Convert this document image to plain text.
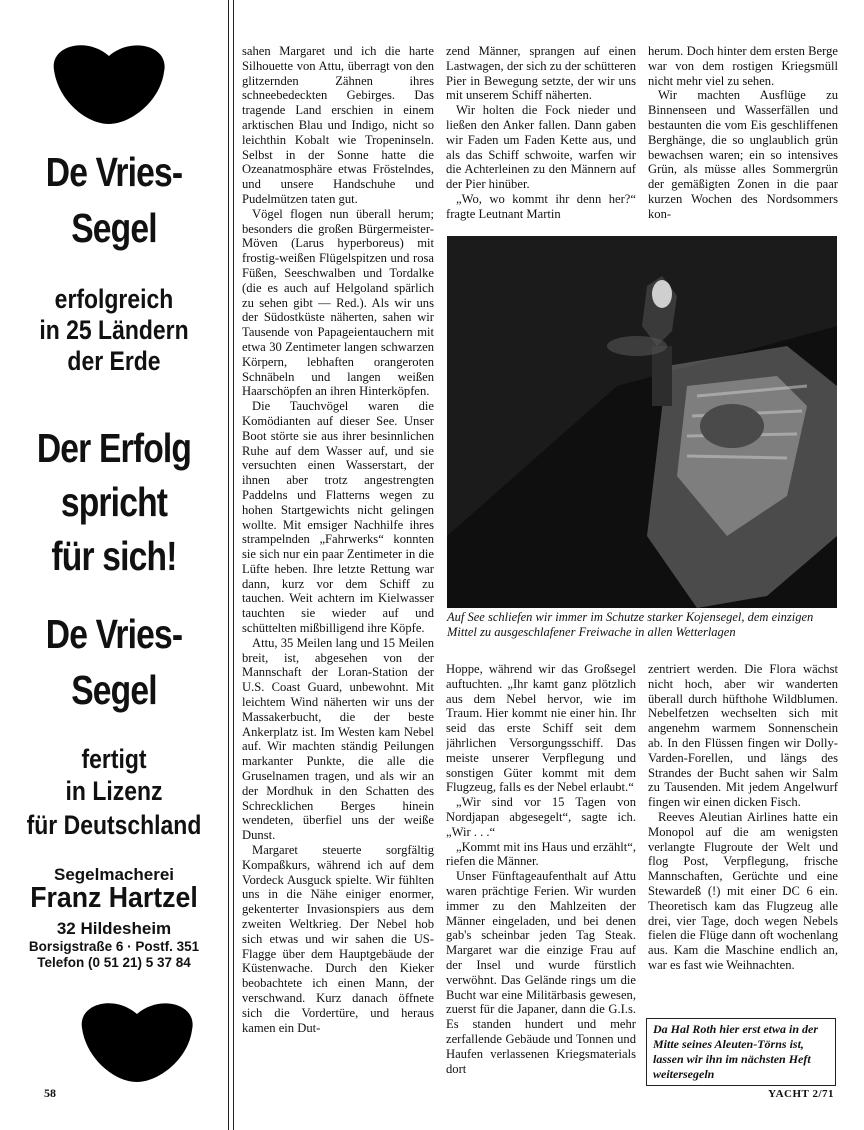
De Vries-
Segel
erfolgreich
in 25 Ländern
der Erde
Der Erfolg
spricht
für sich!
De Vries-
Segel
fertigt
in Lizenz
für Deutschland
Segelmacherei
Franz Hartzel
32 Hildesheim
Borsigstraße 6 · Postf. 351
Telefon (0 51 21) 5 37 84

sahen Margaret und ich die harte Silhouette von Attu, überragt von den glitzernden Zähnen ihres schneebedeckten Gebirges. Das tragende Land erschien in einem arktischen Blau und Indigo, nicht so leichthin Kobalt wie Tropeninseln. Selbst in der Sonne hatte die Ozeanatmosphäre etwas Fröstelndes, und unsere Handschuhe und Pudelmützen taten gut.

Vögel flogen nun überall herum; besonders die großen Bürgermeister-Möven (Larus hyperboreus) mit frostig-weißen Flügelspitzen und rosa Füßen, Seeschwalben und Tordalke (die es auch auf Helgoland spärlich zu sehen gibt — Red.). Als wir uns der Südostküste näherten, sahen wir Tausende von Papageientauchern mit etwa 30 Zentimeter langen schwarzen Körpern, lebhaften orangeroten Schnäbeln und langen weißen Haarschöpfen an ihren Hinterköpfen.

Die Tauchvögel waren die Komödianten auf dieser See. Unser Boot störte sie aus ihrer besinnlichen Ruhe auf dem Wasser auf, und sie versuchten einen Wasserstart, der ihnen aber trotz angestrengten Paddelns und Flatterns wegen zu hohen Startgewichts nicht gelingen wollte. Mit emsiger Nachhilfe ihres strampelnden „Fahrwerks“ konnten sie sich nur ein paar Zentimeter in die Lüfte heben. Ihre letzte Rettung war dann, kurz vor dem Schiff zu tauchen. Weit achtern im Kielwasser tauchten sie wieder auf und schüttelten mißbilligend ihre Köpfe.

Attu, 35 Meilen lang und 15 Meilen breit, ist, abgesehen von der Mannschaft der Loran-Station der U.S. Coast Guard, unbewohnt. Mit leichtem Wind näherten wir uns der Massakerbucht, die der beste Ankerplatz ist. Im Westen kam Nebel auf. Wir machten ständig Peilungen markanter Punkte, die alle die Gruselnamen tragen, und als wir an der Mordhuk in den Schatten des Schrecklichen Berges hinein wendeten, überfiel uns der weiße Dunst.

Margaret steuerte sorgfältig Kompaßkurs, während ich auf dem Vordeck Ausguck spielte. Wir fühlten uns in die Nähe einiger enormer, gekenterter Invasionspiers aus dem zweiten Weltkrieg. Der Nebel hob sich etwas und wir sahen die US-Flagge über dem Hauptgebäude der Küstenwache. Durch den Kieker beobachtete ich einen Mann, der verschwand. Kurz danach öffnete sich die Vordertüre, und heraus kamen ein Dut-

zend Männer, sprangen auf einen Lastwagen, der sich zu der schütteren Pier in Bewegung setzte, der wir uns mit unserem Schiff näherten.

Wir holten die Fock nieder und ließen den Anker fallen. Dann gaben wir Faden um Faden Kette aus, und als das Schiff schwoite, warfen wir die Achterleinen zu den Männern auf der Pier hinüber.

„Wo, wo kommt ihr denn her?“ fragte Leutnant Martin

herum. Doch hinter dem ersten Berge war von dem rostigen Kriegsmüll nicht mehr viel zu sehen.

Wir machten Ausflüge zu Binnenseen und Wasserfällen und bestaunten die vom Eis geschliffenen Berghänge, die so unglaublich grün bewachsen waren; ein so intensives Grün, als müsse alles Sommergrün der gemäßigten Zonen in die paar kurzen Wochen des Nordsommers kon-

Auf See schliefen wir immer im Schutze starker Kojensegel, dem einzigen Mittel zu ausgeschlafener Freiwache in allen Wetterlagen

Hoppe, während wir das Großsegel auftuchten. „Ihr kamt ganz plötzlich aus dem Nebel hervor, wie im Traum. Hier kommt nie einer hin. Ihr seid das erste Schiff seit dem jährlichen Versorgungsschiff. Das meiste unserer Verpflegung und sonstigen Güter kommt mit dem Flugzeug, falls es der Nebel erlaubt.“

„Wir sind vor 15 Tagen von Nordjapan abgesegelt“, sagte ich. „Wir . . .“

„Kommt mit ins Haus und erzählt“, riefen die Männer.

Unser Fünftageaufenthalt auf Attu waren prächtige Ferien. Wir wurden immer zu den Mahlzeiten der Männer eingeladen, und bei denen gab's scheinbar jeden Tag Steak. Margaret war die einzige Frau auf der Insel und wurde fürstlich verwöhnt. Das Gelände rings um die Bucht war eine Militärbasis gewesen, zuerst für die Japaner, dann die G.I.s. Es standen hundert und mehr zerfallende Gebäude und Tonnen und Haufen verlassenen Kriegsmaterials dort

zentriert werden. Die Flora wächst nicht hoch, aber wir wanderten überall durch hüfthohe Wildblumen. Nebelfetzen wechselten sich mit angenehm warmem Sonnenschein ab. In den Flüssen fingen wir Dolly-Varden-Forellen, und längs des Strandes der Bucht sahen wir Salm zu Tausenden. Mit jedem Angelwurf fingen wir einen dicken Fisch.

Reeves Aleutian Airlines hatte ein Monopol auf die am wenigsten verlangte Flugroute der Welt und flog Post, Verpflegung, frische Mannschaften, Gerüchte und eine Stewardeß (!) mit einer DC 6 ein. Theoretisch kam das Flugzeug alle drei, vier Tage, doch wegen Nebels fielen die Flüge dann oft wochenlang aus. Kam die Maschine endlich an, war es fast wie Weihnachten.

Da Hal Roth hier erst etwa in der Mitte seines Aleuten-Törns ist, lassen wir ihn im nächsten Heft weitersegeln
58	YACHT 2/71
